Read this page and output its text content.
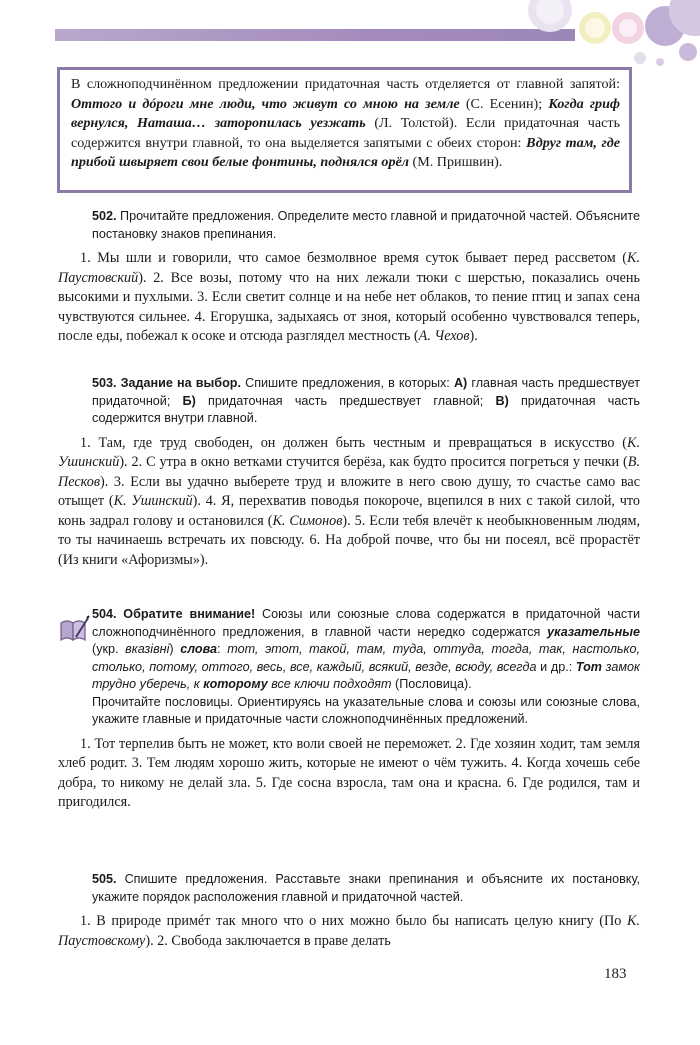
В сложноподчинённом предложении придаточная часть отделяется от главной запятой: Оттого и дóроги мне люди, что живут со мною на земле (С. Есенин); Когда гриф вернулся, Наташа… заторопилась уезжать (Л. Толстой). Если придаточная часть содержится внутри главной, то она выделяется запятыми с обеих сторон: Вдруг там, где прибой швыряет свои белые фонтины, поднялся орёл (М. Пришвин).

502. Прочитайте предложения. Определите место главной и придаточной частей. Объясните постановку знаков препинания.

1. Мы шли и говорили, что самое безмолвное время суток бывает перед рассветом (К. Паустовский). 2. Все возы, потому что на них лежали тюки с шерстью, показались очень высокими и пухлыми. 3. Если светит солнце и на небе нет облаков, то пение птиц и запах сена чувствуются сильнее. 4. Егорушка, задыхаясь от зноя, который особенно чувствовался теперь, после еды, побежал к осоке и отсюда разглядел местность (А. Чехов).

503. Задание на выбор. Спишите предложения, в которых: А) главная часть предшествует придаточной; Б) придаточная часть предшествует главной; В) придаточная часть содержится внутри главной.

1. Там, где труд свободен, он должен быть честным и превращаться в искусство (К. Ушинский). 2. С утра в окно ветками стучится берёза, как будто просится погреться у печки (В. Песков). 3. Если вы удачно выберете труд и вложите в него свою душу, то счастье само вас отыщет (К. Ушинский). 4. Я, перехватив поводья покороче, вцепился в них с такой силой, что конь задрал голову и остановился (К. Симонов). 5. Если тебя влечёт к необыкновенным людям, то ты начинаешь встречать их повсюду. 6. На доброй почве, что бы ни посеял, всё прорастёт (Из книги «Афоризмы»).

504. Обратите внимание! Союзы или союзные слова содержатся в придаточной части сложноподчинённого предложения, в главной части нередко содержатся указательные (укр. вказівні) слова: тот, этот, такой, там, туда, оттуда, тогда, так, настолько, столько, потому, оттого, весь, все, каждый, всякий, везде, всюду, всегда и др.: Тот замок трудно уберечь, к которому все ключи подходят (Пословица).

Прочитайте пословицы. Ориентируясь на указательные слова и союзы или союзные слова, укажите главные и придаточные части сложноподчинённых предложений.

1. Тот терпелив быть не может, кто воли своей не переможет. 2. Где хозяин ходит, там земля хлеб родит. 3. Тем людям хорошо жить, которые не имеют о чём тужить. 4. Когда хочешь себе добра, то никому не делай зла. 5. Где сосна взросла, там она и красна. 6. Где родился, там и пригодился.

505. Спишите предложения. Расставьте знаки препинания и объясните их постановку, укажите порядок расположения главной и придаточной частей.

1. В природе примéт так много что о них можно было бы написать целую книгу (По К. Паустовскому). 2. Свобода заключается в праве делать

183
